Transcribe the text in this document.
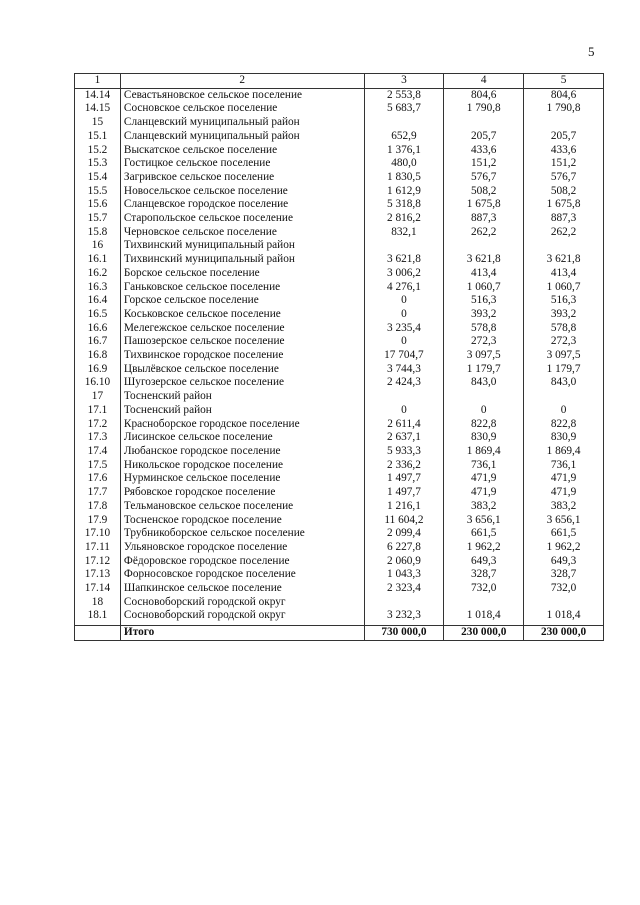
5
1	2	3	4	5
14.14	Севастьяновское сельское поселение	2 553,8	804,6	804,6
14.15	Сосновское сельское поселение	5 683,7	1 790,8	1 790,8
15	Сланцевский муниципальный район			
15.1	Сланцевский муниципальный район	652,9	205,7	205,7
15.2	Выскатское сельское поселение	1 376,1	433,6	433,6
15.3	Гостицкое сельское поселение	480,0	151,2	151,2
15.4	Загривское сельское поселение	1 830,5	576,7	576,7
15.5	Новосельское сельское поселение	1 612,9	508,2	508,2
15.6	Сланцевское городское поселение	5 318,8	1 675,8	1 675,8
15.7	Старопольское сельское поселение	2 816,2	887,3	887,3
15.8	Черновское сельское поселение	832,1	262,2	262,2
16	Тихвинский муниципальный район			
16.1	Тихвинский муниципальный район	3 621,8	3 621,8	3 621,8
16.2	Борское сельское поселение	3 006,2	413,4	413,4
16.3	Ганьковское сельское поселение	4 276,1	1 060,7	1 060,7
16.4	Горское сельское поселение	0	516,3	516,3
16.5	Коськовское сельское поселение	0	393,2	393,2
16.6	Мелегежское сельское поселение	3 235,4	578,8	578,8
16.7	Пашозерское сельское поселение	0	272,3	272,3
16.8	Тихвинское городское поселение	17 704,7	3 097,5	3 097,5
16.9	Цвылёвское сельское поселение	3 744,3	1 179,7	1 179,7
16.10	Шугозерское сельское поселение	2 424,3	843,0	843,0
17	Тосненский район			
17.1	Тосненский район	0	0	0
17.2	Красноборское городское поселение	2 611,4	822,8	822,8
17.3	Лисинское сельское поселение	2 637,1	830,9	830,9
17.4	Любанское городское поселение	5 933,3	1 869,4	1 869,4
17.5	Никольское городское поселение	2 336,2	736,1	736,1
17.6	Нурминское сельское поселение	1 497,7	471,9	471,9
17.7	Рябовское городское поселение	1 497,7	471,9	471,9
17.8	Тельмановское сельское поселение	1 216,1	383,2	383,2
17.9	Тосненское городское поселение	11 604,2	3 656,1	3 656,1
17.10	Трубникоборское сельское поселение	2 099,4	661,5	661,5
17.11	Ульяновское городское поселение	6 227,8	1 962,2	1 962,2
17.12	Фёдоровское городское поселение	2 060,9	649,3	649,3
17.13	Форносовское городское поселение	1 043,3	328,7	328,7
17.14	Шапкинское сельское поселение	2 323,4	732,0	732,0
18	Сосновоборский городской округ			
18.1	Сосновоборский городской округ	3 232,3	1 018,4	1 018,4
	Итого	730 000,0	230 000,0	230 000,0
